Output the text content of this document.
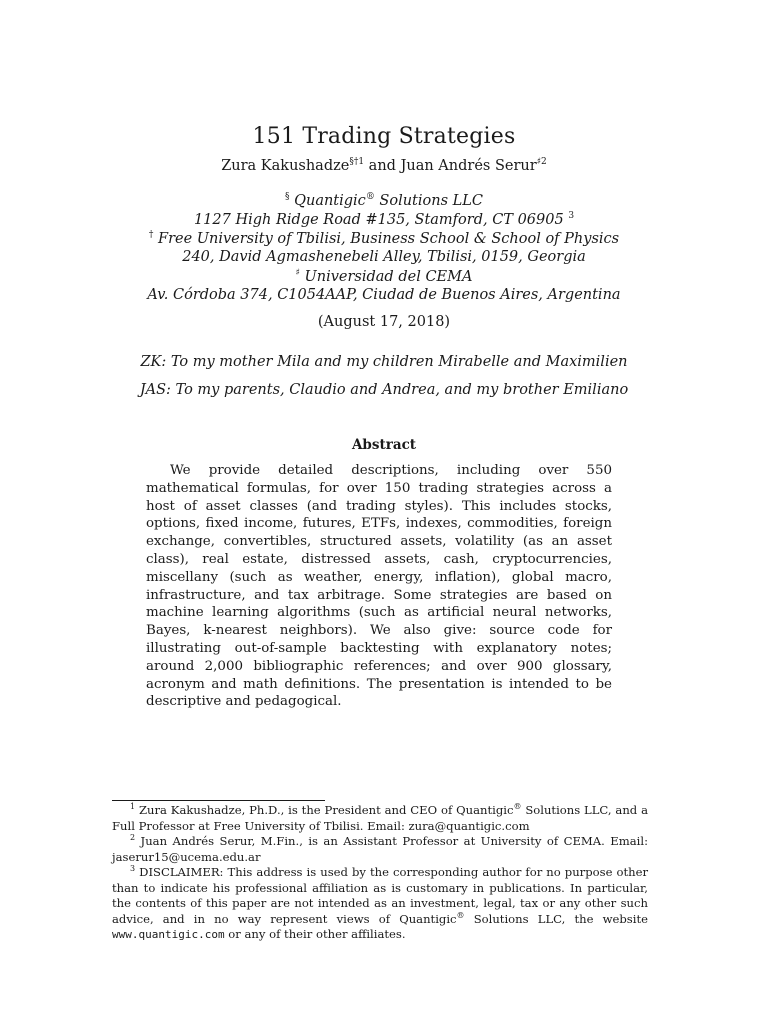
151 Trading Strategies
Zura Kakushadze$^{\S\dagger 1}$ and Juan Andrés Serur$^{♯2}$
§ Quantigic® Solutions LLC
1127 High Ridge Road #135, Stamford, CT 06905 $^3$
† Free University of Tbilisi, Business School & School of Physics
240, David Agmashenebeli Alley, Tbilisi, 0159, Georgia
♯ Universidad del CEMA
Av. Córdoba 374, C1054AAP, Ciudad de Buenos Aires, Argentina
(August 17, 2018)
ZK: To my mother Mila and my children Mirabelle and Maximilien
JAS: To my parents, Claudio and Andrea, and my brother Emiliano
Abstract

We provide detailed descriptions, including over 550 mathematical formulas, for over 150 trading strategies across a host of asset classes (and trading styles). This includes stocks, options, fixed income, futures, ETFs, indexes, commodities, foreign exchange, convertibles, structured assets, volatility (as an asset class), real estate, distressed assets, cash, cryptocurrencies, miscellany (such as weather, energy, inflation), global macro, infrastructure, and tax arbitrage. Some strategies are based on machine learning algorithms (such as artificial neural networks, Bayes, k-nearest neighbors). We also give: source code for illustrating out-of-sample backtesting with explanatory notes; around 2,000 bibliographic references; and over 900 glossary, acronym and math definitions. The presentation is intended to be descriptive and pedagogical.

$^1$ Zura Kakushadze, Ph.D., is the President and CEO of Quantigic® Solutions LLC, and a Full Professor at Free University of Tbilisi. Email: zura@quantigic.com

$^2$ Juan Andrés Serur, M.Fin., is an Assistant Professor at University of CEMA. Email: jaserur15@ucema.edu.ar

$^3$ DISCLAIMER: This address is used by the corresponding author for no purpose other than to indicate his professional affiliation as is customary in publications. In particular, the contents of this paper are not intended as an investment, legal, tax or any other such advice, and in no way represent views of Quantigic® Solutions LLC, the website www.quantigic.com or any of their other affiliates.
